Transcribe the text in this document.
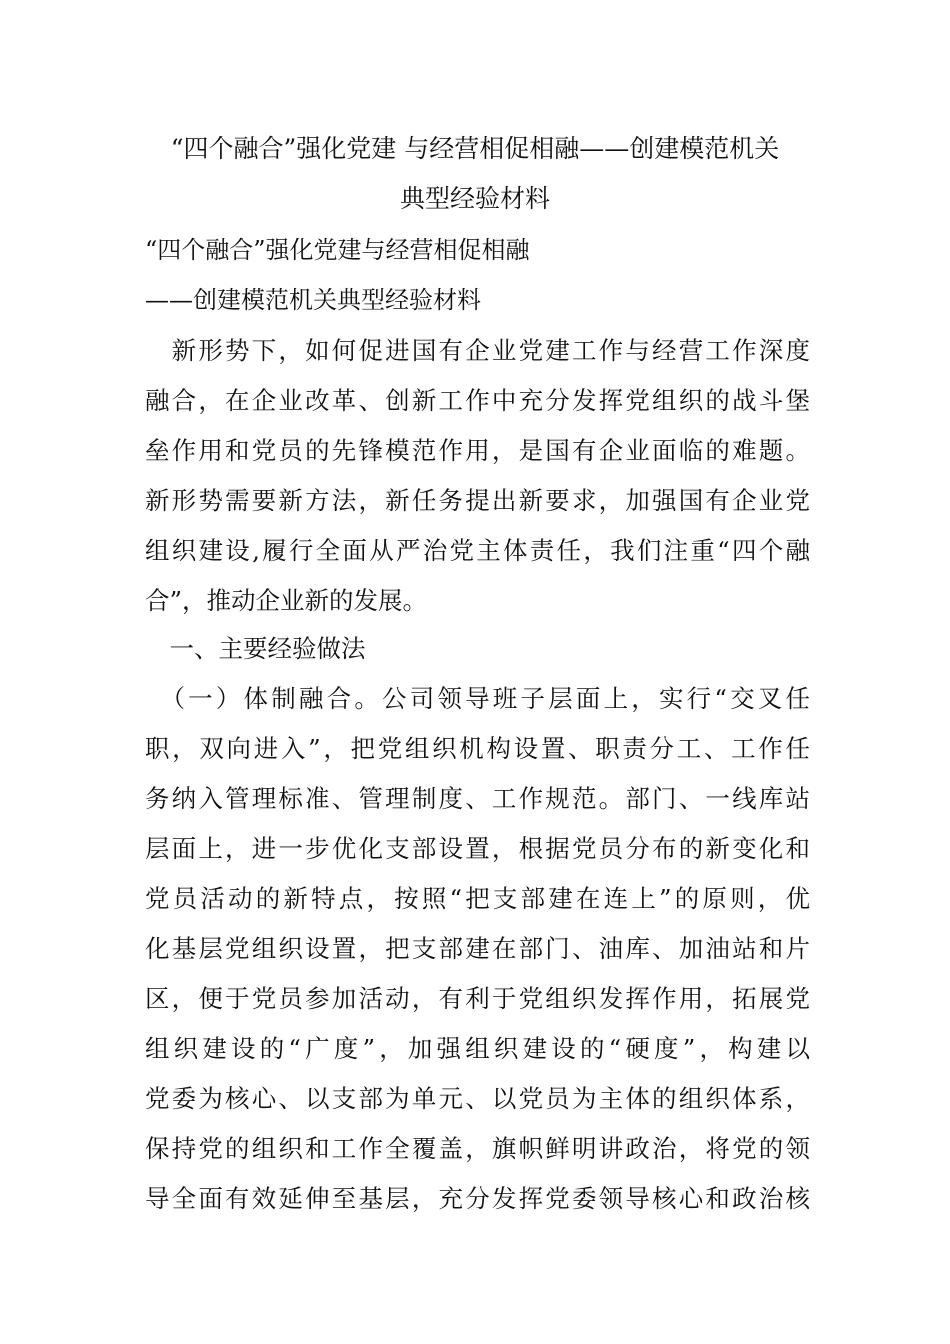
“四个融合”强化党建 与经营相促相融——创建模范机关
典型经验材料
“四个融合”强化党建与经营相促相融
——创建模范机关典型经验材料
　新形势下，如何促进国有企业党建工作与经营工作深度
融合，在企业改革、创新工作中充分发挥党组织的战斗堡
垒作用和党员的先锋模范作用，是国有企业面临的难题。
新形势需要新方法，新任务提出新要求，加强国有企业党
组织建设,履行全面从严治党主体责任，我们注重“四个融
合”，推动企业新的发展。
　一、主要经验做法
　（一）体制融合。公司领导班子层面上，实行“交叉任
职，双向进入”，把党组织机构设置、职责分工、工作任
务纳入管理标准、管理制度、工作规范。部门、一线库站
层面上，进一步优化支部设置，根据党员分布的新变化和
党员活动的新特点，按照“把支部建在连上”的原则，优
化基层党组织设置，把支部建在部门、油库、加油站和片
区，便于党员参加活动，有利于党组织发挥作用，拓展党
组织建设的“广度”，加强组织建设的“硬度”，构建以
党委为核心、以支部为单元、以党员为主体的组织体系，
保持党的组织和工作全覆盖，旗帜鲜明讲政治，将党的领
导全面有效延伸至基层，充分发挥党委领导核心和政治核
